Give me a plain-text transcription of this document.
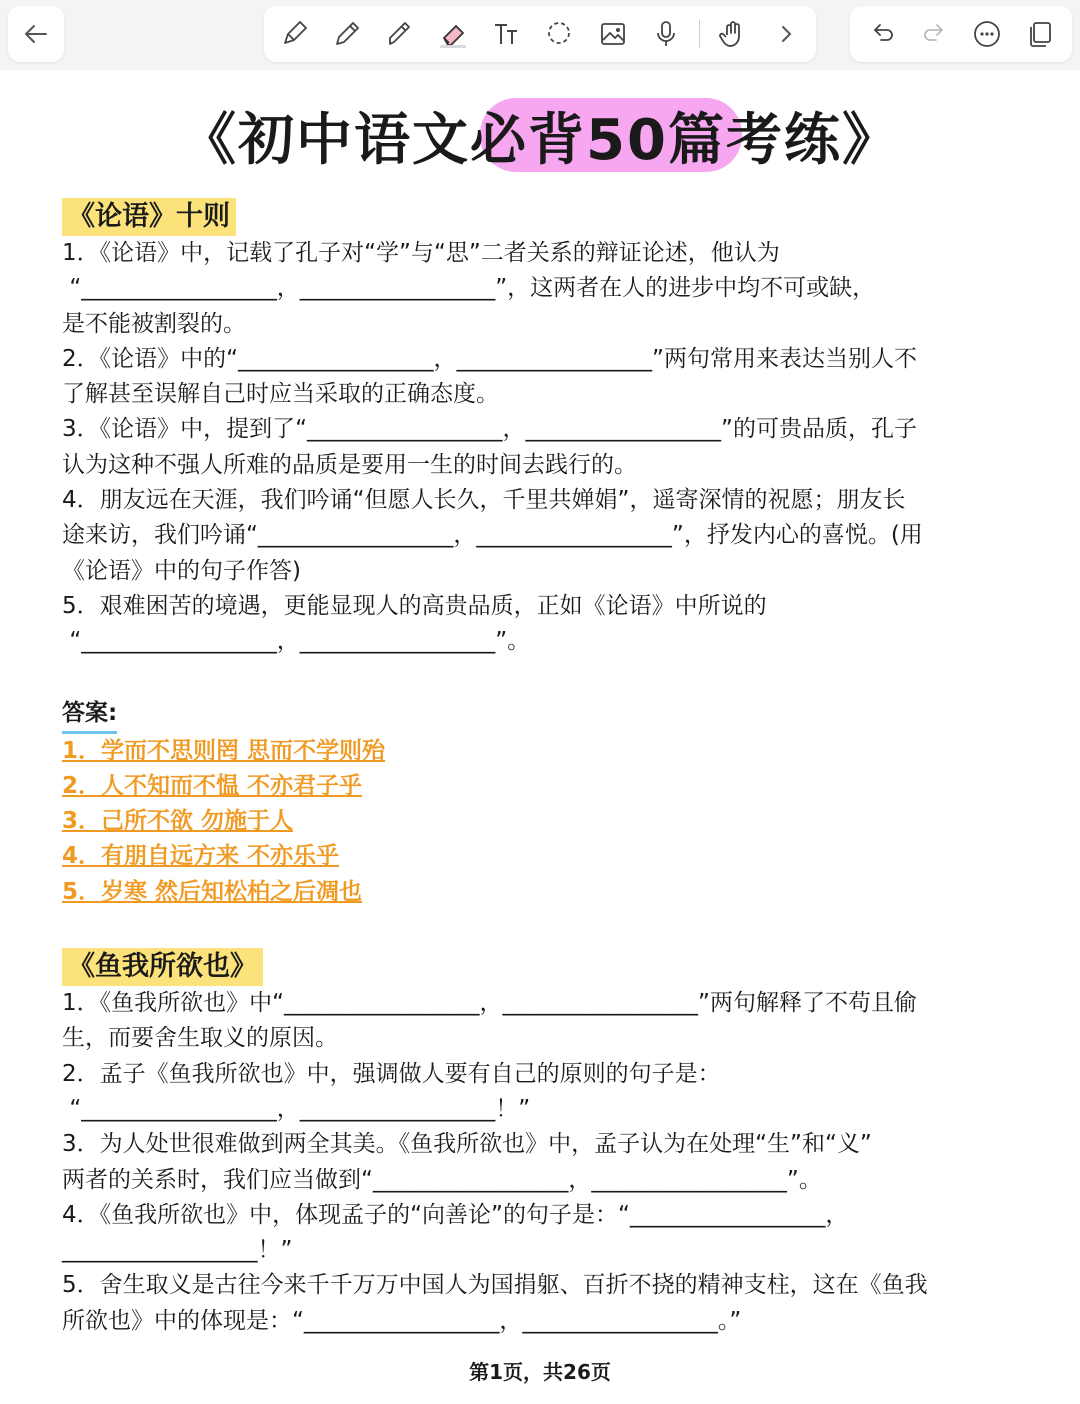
《初中语文必背50篇考练》
《论语》十则
1．《论语》中，记载了孔子对“学”与“思”二者关系的辩证论述，他认为
“_________________，_________________”，这两者在人的进步中均不可或缺，
是不能被割裂的。
2．《论语》中的“_________________，_________________”两句常用来表达当别人不
了解甚至误解自己时应当采取的正确态度。
3．《论语》中，提到了“_________________，_________________”的可贵品质，孔子
认为这种不强人所难的品质是要用一生的时间去践行的。
4．朋友远在天涯，我们吟诵“但愿人长久，千里共婵娟”，遥寄深情的祝愿；朋友长
途来访，我们吟诵“_________________，_________________”，抒发内心的喜悦。(用
《论语》中的句子作答)
5．艰难困苦的境遇，更能显现人的高贵品质，正如《论语》中所说的
“_________________，_________________”。
答案:
1．学而不思则罔 思而不学则殆
2．人不知而不愠 不亦君子乎
3．己所不欲 勿施于人
4．有朋自远方来 不亦乐乎
5．岁寒 然后知松柏之后凋也
《鱼我所欲也》
1．《鱼我所欲也》中“_________________，_________________”两句解释了不苟且偷
生，而要舍生取义的原因。
2．孟子《鱼我所欲也》中，强调做人要有自己的原则的句子是：
“_________________，_________________！”
3．为人处世很难做到两全其美。《鱼我所欲也》中，孟子认为在处理“生”和“义”
两者的关系时，我们应当做到“_________________，_________________”。
4．《鱼我所欲也》中，体现孟子的“向善论”的句子是：“_________________，
_________________！”
5．舍生取义是古往今来千千万万中国人为国捐躯、百折不挠的精神支柱，这在《鱼我
所欲也》中的体现是：“_________________，_________________。”
第1页，共26页
